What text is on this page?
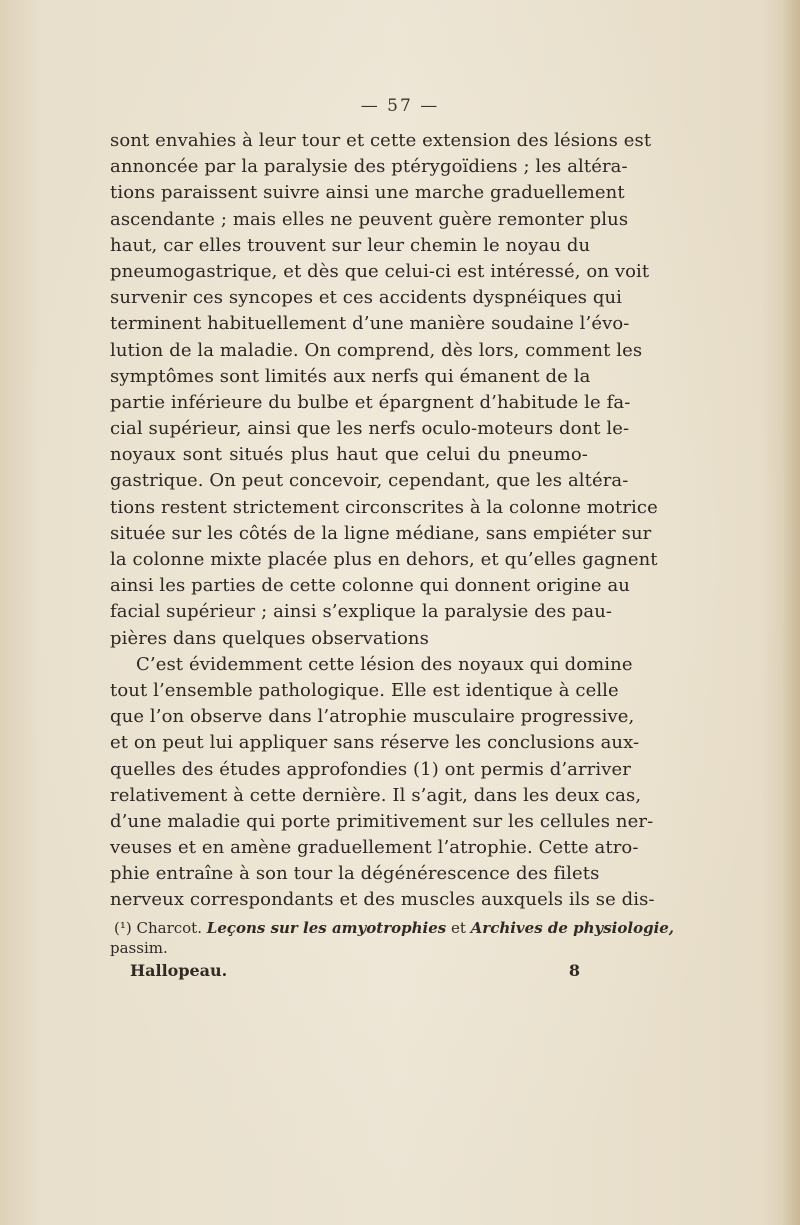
— 57 —
sont envahies à leur tour et cette extension des lésions est
annoncée par la paralysie des ptérygoïdiens ; les altéra-
tions paraissent suivre ainsi une marche graduellement
ascendante ; mais elles ne peuvent guère remonter plus
haut, car elles trouvent sur leur chemin le noyau du
pneumogastrique, et dès que celui-ci est intéressé, on voit
survenir ces syncopes et ces accidents dyspnéiques qui
terminent habituellement d’une manière soudaine l’évo-
lution de la maladie. On comprend, dès lors, comment les
symptômes sont limités aux nerfs qui émanent de la
partie inférieure du bulbe et épargnent d’habitude le fa-
cial supérieur, ainsi que les nerfs oculo-moteurs dont le-
noyaux sont situés plus haut que celui du pneumo-
gastrique. On peut concevoir, cependant, que les altéra-
tions restent strictement circonscrites à la colonne motrice
située sur les côtés de la ligne médiane, sans empiéter sur
la colonne mixte placée plus en dehors, et qu’elles gagnent
ainsi les parties de cette colonne qui donnent origine au
facial supérieur ; ainsi s’explique la paralysie des pau-
pières dans quelques observations
C’est évidemment cette lésion des noyaux qui domine
tout l’ensemble pathologique. Elle est identique à celle
que l’on observe dans l’atrophie musculaire progressive,
et on peut lui appliquer sans réserve les conclusions aux-
quelles des études approfondies (1) ont permis d’arriver
relativement à cette dernière. Il s’agit, dans les deux cas,
d’une maladie qui porte primitivement sur les cellules ner-
veuses et en amène graduellement l’atrophie. Cette atro-
phie entraîne à son tour la dégénérescence des filets
nerveux correspondants et des muscles auxquels ils se dis-
(¹) Charcot. Leçons sur les amyotrophies et Archives de physiologie,
passim.
Hallopeau.	8
